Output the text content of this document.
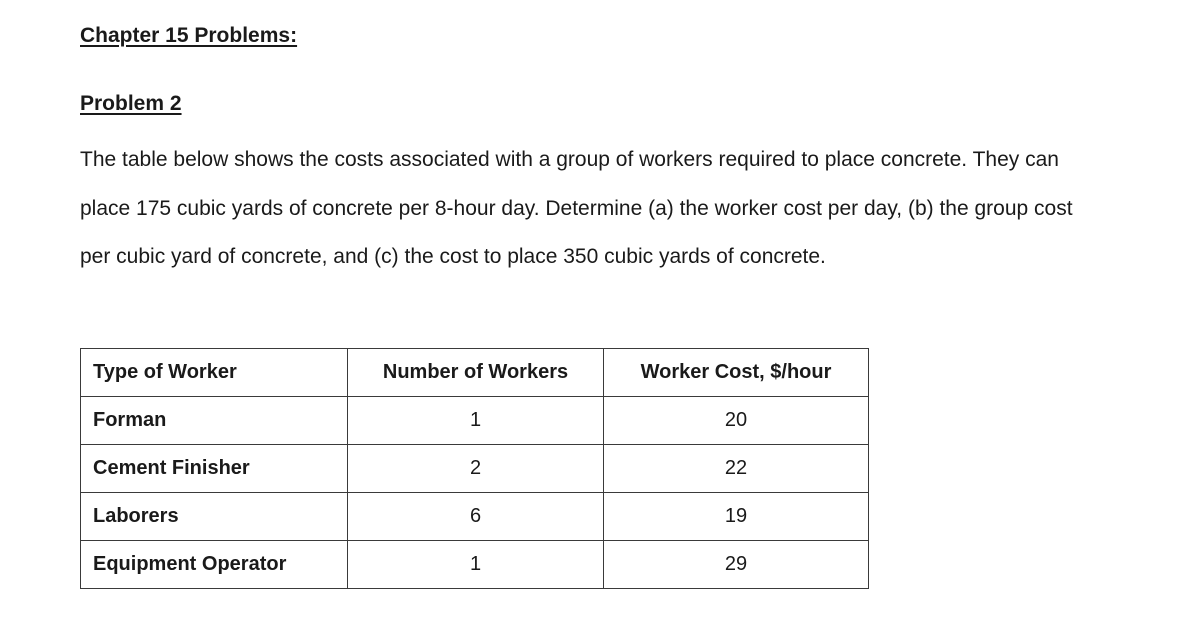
Chapter 15 Problems:
Problem 2

The table below shows the costs associated with a group of workers required to place concrete. They can place 175 cubic yards of concrete per 8-hour day. Determine (a) the worker cost per day, (b) the group cost per cubic yard of concrete, and (c) the cost to place 350 cubic yards of concrete.

Type of Worker	Number of Workers	Worker Cost, $/hour
Forman	1	20
Cement Finisher	2	22
Laborers	6	19
Equipment Operator	1	29
